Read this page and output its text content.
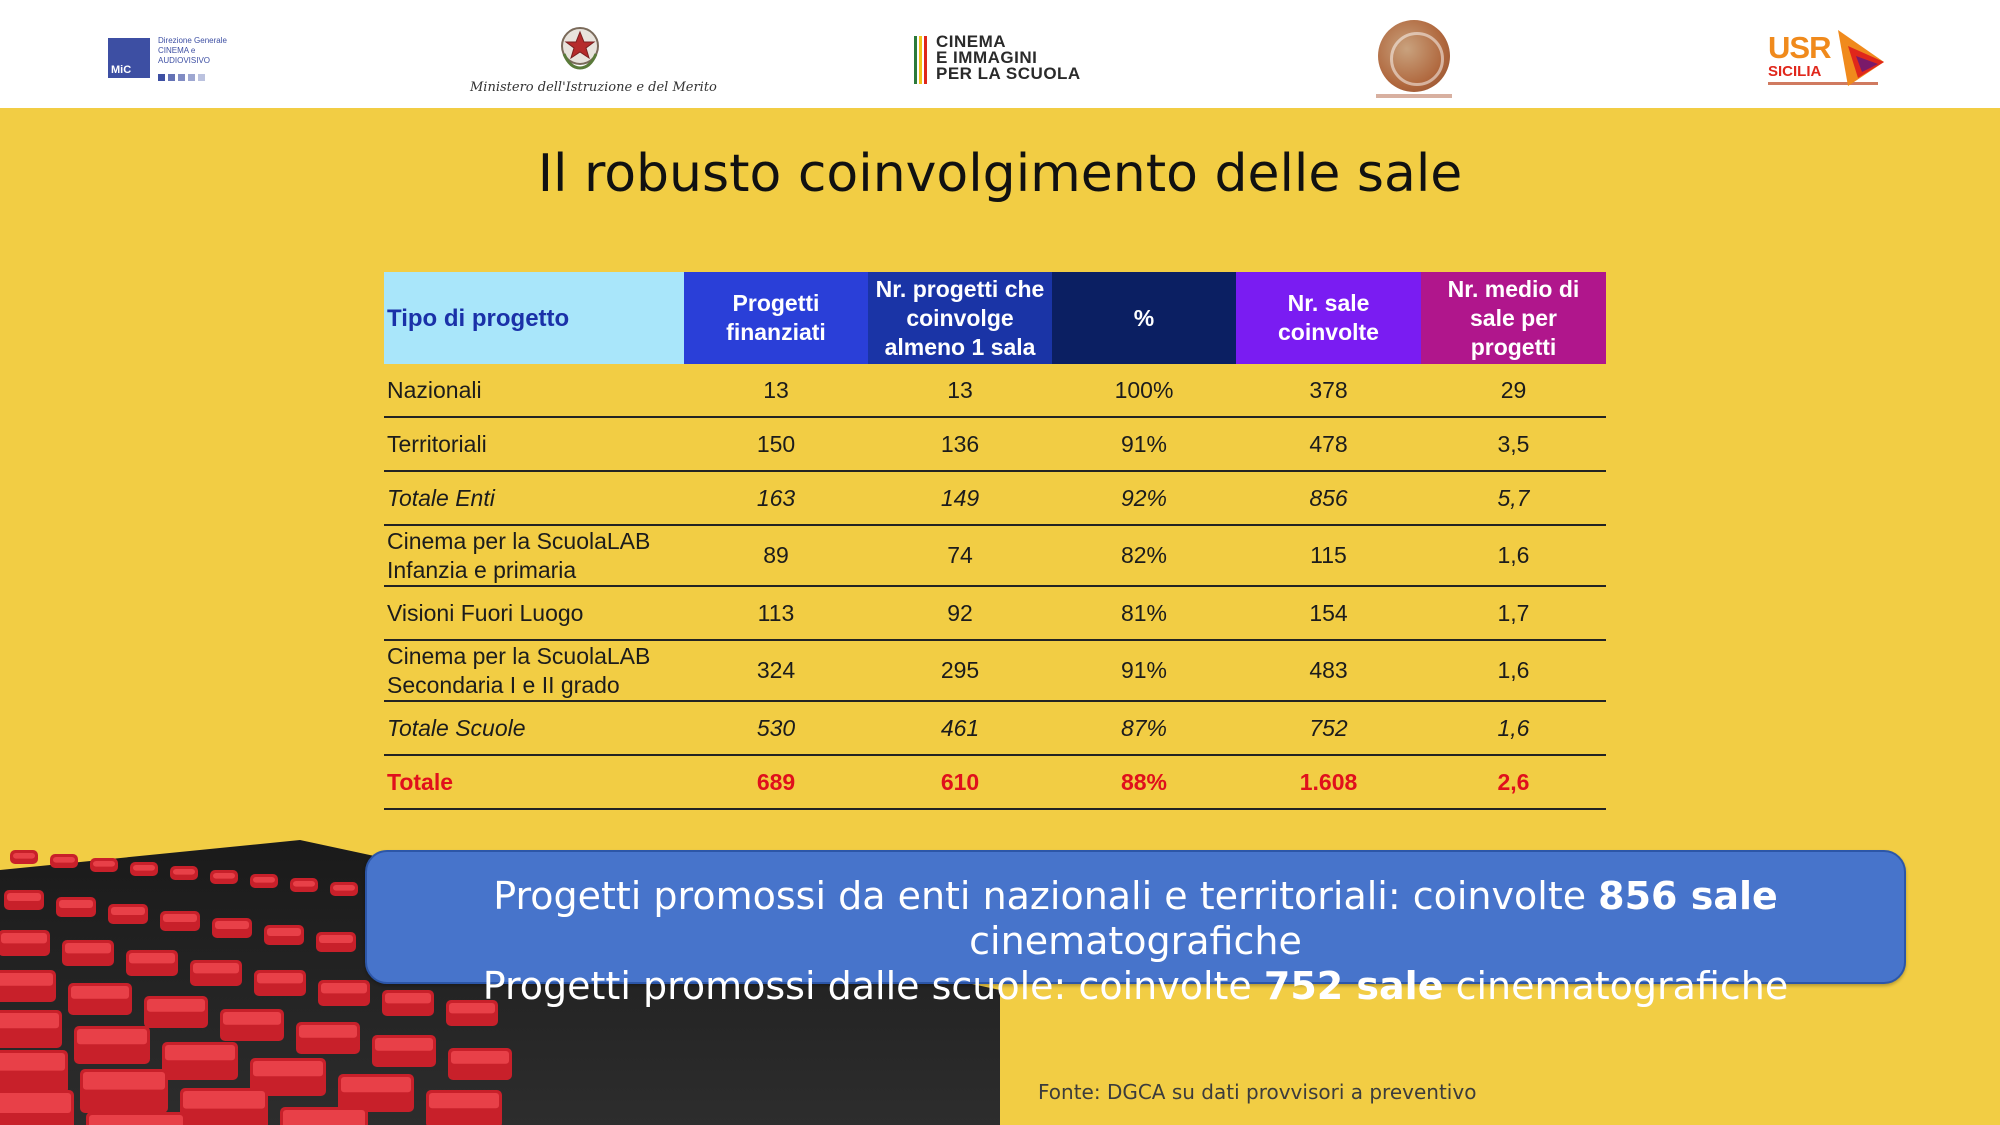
MiC
Direzione Generale
CINEMA e
AUDIOVISIVO
Ministero dell'Istruzione e del Merito
CINEMA
E IMMAGINI
PER LA SCUOLA
USR
SICILIA
Il robusto coinvolgimento delle sale
Tipo di progetto	Progetti finanziati	Nr. progetti che coinvolge almeno 1 sala	%	Nr. sale coinvolte	Nr. medio di sale per progetti
Nazionali	13	13	100%	378	29
Territoriali	150	136	91%	478	3,5
Totale Enti	163	149	92%	856	5,7
Cinema per la ScuolaLAB
Infanzia e primaria	89	74	82%	115	1,6
Visioni Fuori Luogo	113	92	81%	154	1,7
Cinema per la ScuolaLAB
Secondaria I e II grado	324	295	91%	483	1,6
Totale Scuole	530	461	87%	752	1,6
Totale	689	610	88%	1.608	2,6
Progetti promossi da enti nazionali e territoriali: coinvolte 856 sale cinematografiche
Progetti promossi dalle scuole: coinvolte 752 sale cinematografiche
Fonte: DGCA su dati provvisori a preventivo
